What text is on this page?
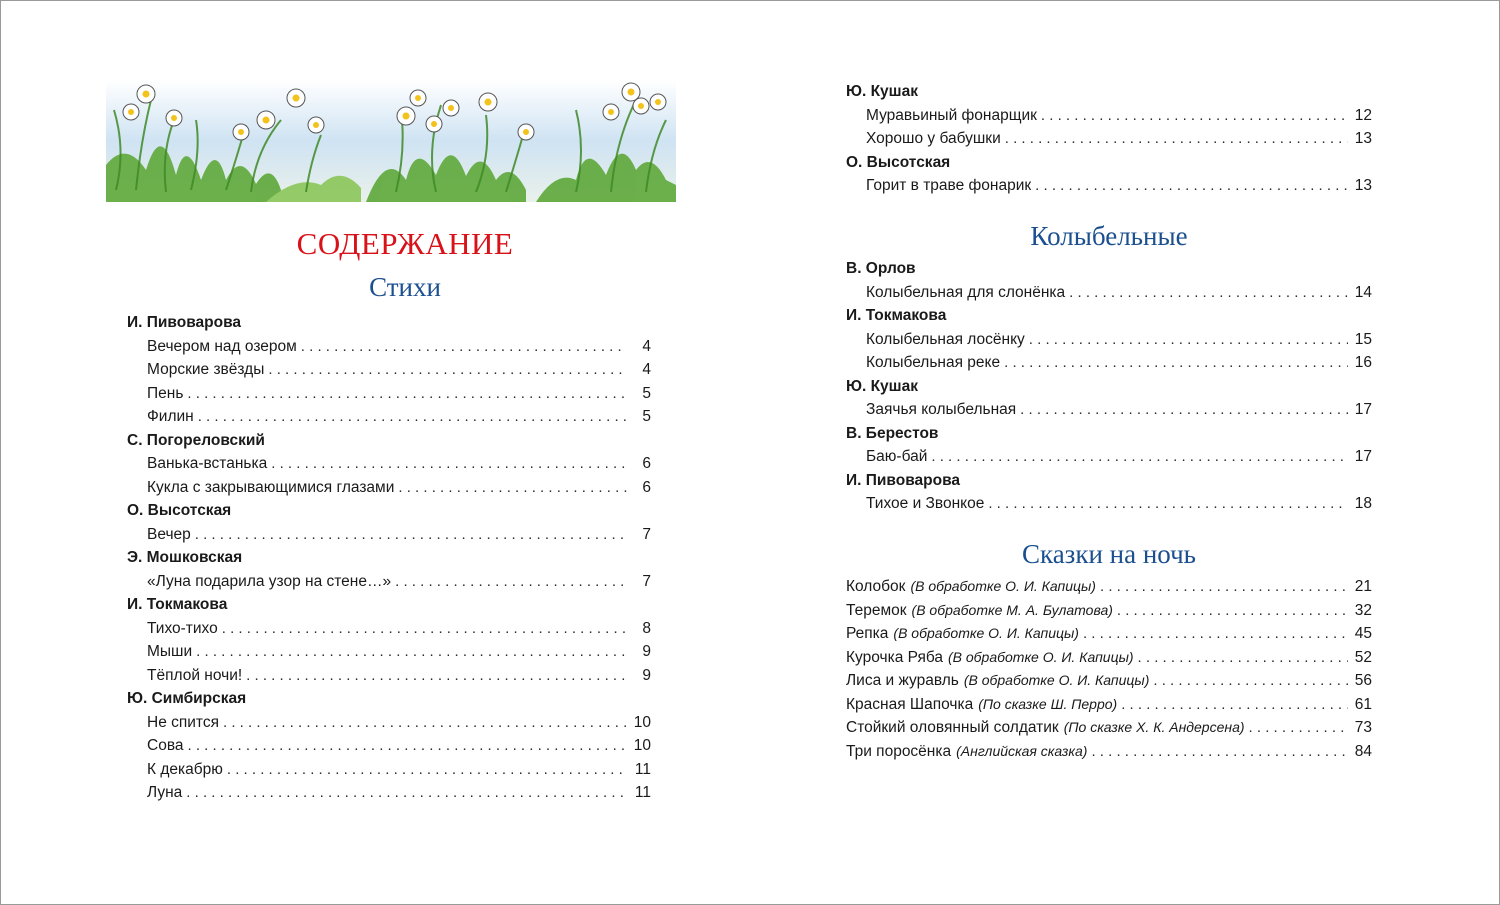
СОДЕРЖАНИЕ
Стихи
И. Пивоварова
Вечером над озером . . .	4
Морские звёзды . . .	4
Пень . . .	5
Филин . . .	5
С. Погореловский
Ванька-встанька . . .	6
Кукла с закрывающимися глазами . . .	6
О. Высотская
Вечер . . .	7
Э. Мошковская
«Луна подарила узор на стене…» . . .	7
И. Токмакова
Тихо-тихо . . .	8
Мыши . . .	9
Тёплой ночи! . . .	9
Ю. Симбирская
Не спится . . .	10
Сова . . .	10
К декабрю . . .	11
Луна . . .	11
Ю. Кушак
Муравьиный фонарщик . . .	12
Хорошо у бабушки . . .	13
О. Высотская
Горит в траве фонарик . . .	13
Колыбельные
В. Орлов
Колыбельная для слонёнка . . .	14
И. Токмакова
Колыбельная лосёнку . . .	15
Колыбельная реке . . .	16
Ю. Кушак
Заячья колыбельная . . .	17
В. Берестов
Баю-бай . . .	17
И. Пивоварова
Тихое и Звонкое . . .	18
Сказки на ночь
Колобок (В обработке О. И. Капицы) . . .	21
Теремок (В обработке М. А. Булатова) . . .	32
Репка (В обработке О. И. Капицы) . . .	45
Курочка Ряба (В обработке О. И. Капицы) . . .	52
Лиса и журавль (В обработке О. И. Капицы) . . .	56
Красная Шапочка (По сказке Ш. Перро) . . .	61
Стойкий оловянный солдатик (По сказке Х. К. Андерсена) . . .	73
Три поросёнка (Английская сказка) . . .	84
